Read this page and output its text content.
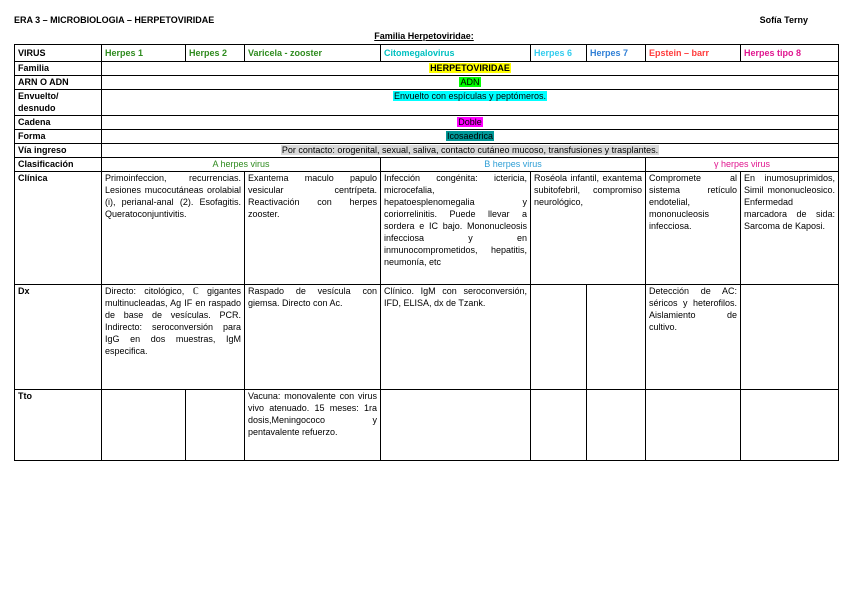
ERA 3 – MICROBIOLOGIA – HERPETOVIRIDAE	Sofía Terny
Familia Herpetoviridae:
VIRUS	Herpes 1	Herpes 2	Varicela - zooster	Citomegalovirus	Herpes 6	Herpes 7	Epstein – barr	Herpes tipo 8
Familia	HERPETOVIRIDAE							
ARN O ADN	ADN							
Envuelto/ desnudo	Envuelto con espículas y peptómeros.							
Cadena	Doble							
Forma	Icosaedrica							
Vía ingreso	Por contacto: orogenital, sexual, saliva, contacto cutáneo mucoso, transfusiones y trasplantes.							
Clasificación	A herpes virus			B herpes virus			γ herpes virus	
Clínica	Primoinfeccion, recurrencias. Lesiones mucocutáneas orolabial (i), perianal-anal (2). Esofagitis. Queratoconjuntivitis.		Exantema maculo papulo vesicular centrípeta. Reactivación con herpes zooster.	Infección congénita: ictericia, microcefalia, hepatoesplenomegalia y coriorrelinitis. Puede llevar a sordera e IC bajo. Mononucleosis infecciosa y en inmunocomprometidos, hepatitis, neumonía, etc	Roséola infantil, exantema subitofebril, compromiso neurológico,		Compromete al sistema retículo endotelial, mononucleosis infecciosa.	En inumosuprimidos, Simil mononucleosico. Enfermedad marcadora de sida: Sarcoma de Kaposi.
Dx	Directo: citológico, ℂ gigantes multinucleadas, Ag IF en raspado de base de vesículas. PCR. Indirecto: seroconversión para IgG en dos muestras, IgM especifica.		Raspado de vesícula con giemsa. Directo con Ac.	Clínico. IgM con seroconversión, IFD, ELISA, dx de Tzank.			Detección de AC: séricos y heterofilos. Aislamiento de cultivo.	
Tto			Vacuna: monovalente con virus vivo atenuado. 15 meses: 1ra dosis,Meningococo y pentavalente refuerzo.					
